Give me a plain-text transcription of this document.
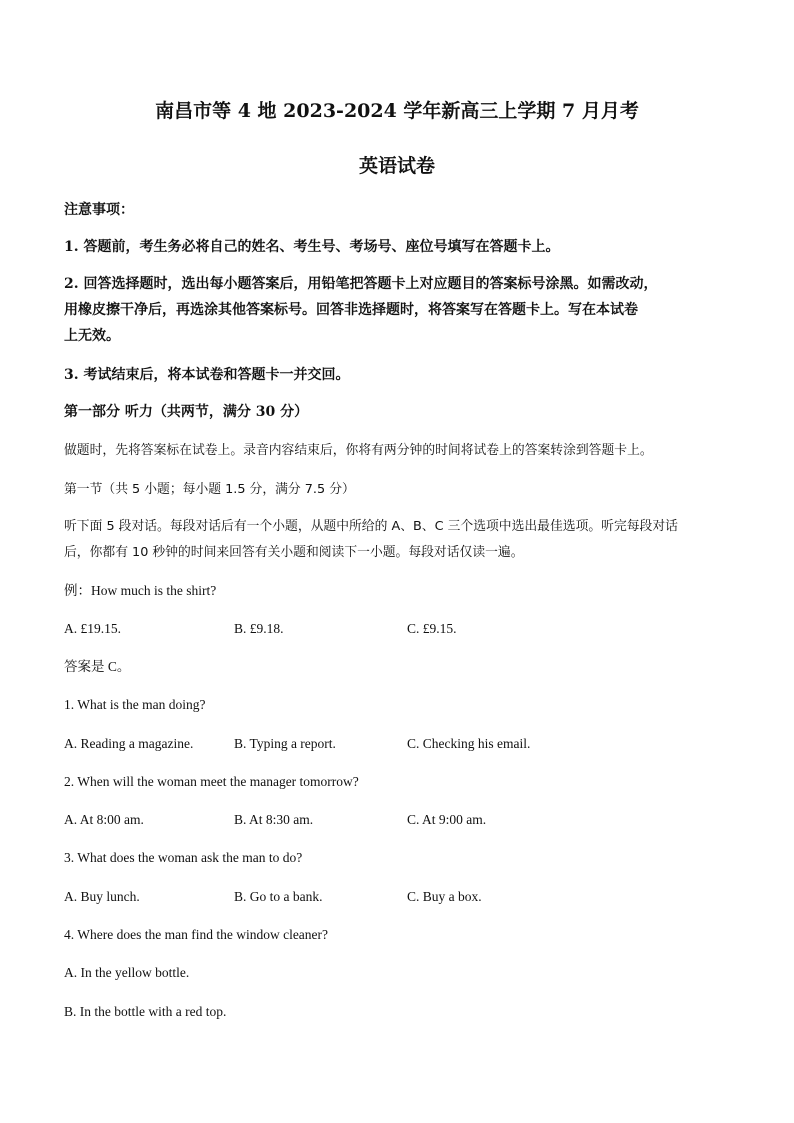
南昌市等 4 地 2023-2024 学年新高三上学期 7 月月考
英语试卷
注意事项：
1. 答题前，考生务必将自己的姓名、考生号、考场号、座位号填写在答题卡上。
2. 回答选择题时，选出每小题答案后，用铅笔把答题卡上对应题目的答案标号涂黑。如需改动，
用橡皮擦干净后，再选涂其他答案标号。回答非选择题时，将答案写在答题卡上。写在本试卷
上无效。
3. 考试结束后，将本试卷和答题卡一并交回。
第一部分 听力（共两节，满分 30 分）
做题时，先将答案标在试卷上。录音内容结束后，你将有两分钟的时间将试卷上的答案转涂到答题卡上。
第一节（共 5 小题；每小题 1.5 分，满分 7.5 分）
听下面 5 段对话。每段对话后有一个小题，从题中所给的 A、B、C 三个选项中选出最佳选项。听完每段对话
后，你都有 10 秒钟的时间来回答有关小题和阅读下一小题。每段对话仅读一遍。
例：How much is the shirt?
A. £19.15.	B. £9.18.	C. £9.15.
答案是 C。
1. What is the man doing?
A. Reading a magazine.	B. Typing a report.	C. Checking his email.
2. When will the woman meet the manager tomorrow?
A. At 8:00 am.	B. At 8:30 am.	C. At 9:00 am.
3. What does the woman ask the man to do?
A. Buy lunch.	B. Go to a bank.	C. Buy a box.
4. Where does the man find the window cleaner?
A. In the yellow bottle.
B. In the bottle with a red top.
